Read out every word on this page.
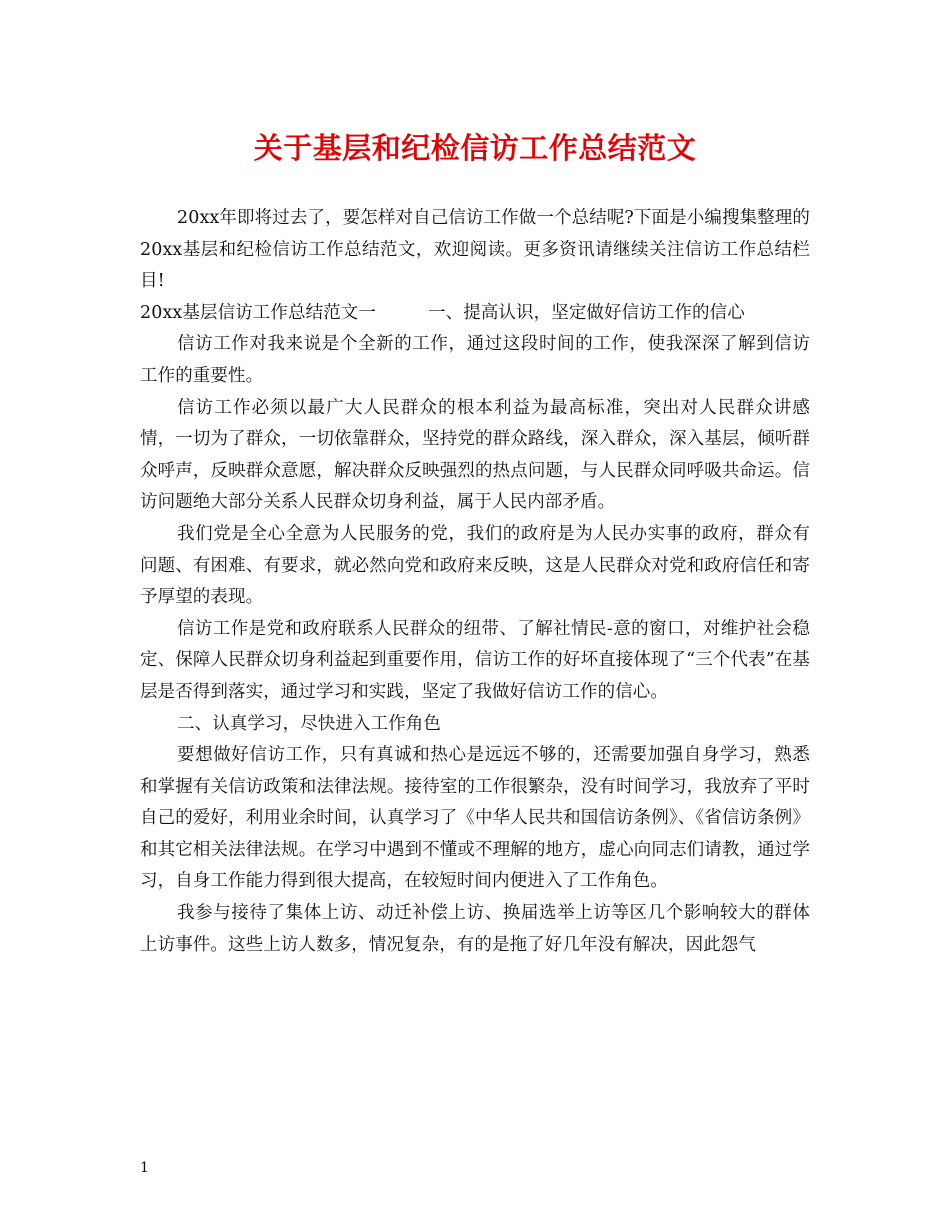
关于基层和纪检信访工作总结范文

20xx年即将过去了，要怎样对自己信访工作做一个总结呢?下面是小编搜集整理的20xx基层和纪检信访工作总结范文，欢迎阅读。更多资讯请继续关注信访工作总结栏目!

20xx基层信访工作总结范文一	一、提高认识，坚定做好信访工作的信心

信访工作对我来说是个全新的工作，通过这段时间的工作，使我深深了解到信访工作的重要性。

信访工作必须以最广大人民群众的根本利益为最高标准，突出对人民群众讲感情，一切为了群众，一切依靠群众，坚持党的群众路线，深入群众，深入基层，倾听群众呼声，反映群众意愿，解决群众反映强烈的热点问题，与人民群众同呼吸共命运。信访问题绝大部分关系人民群众切身利益，属于人民内部矛盾。

我们党是全心全意为人民服务的党，我们的政府是为人民办实事的政府，群众有问题、有困难、有要求，就必然向党和政府来反映，这是人民群众对党和政府信任和寄予厚望的表现。

信访工作是党和政府联系人民群众的纽带、了解社情民-意的窗口，对维护社会稳定、保障人民群众切身利益起到重要作用，信访工作的好坏直接体现了“三个代表”在基层是否得到落实，通过学习和实践，坚定了我做好信访工作的信心。

二、认真学习，尽快进入工作角色

要想做好信访工作，只有真诚和热心是远远不够的，还需要加强自身学习，熟悉和掌握有关信访政策和法律法规。接待室的工作很繁杂，没有时间学习，我放弃了平时自己的爱好，利用业余时间，认真学习了《中华人民共和国信访条例》、《省信访条例》和其它相关法律法规。在学习中遇到不懂或不理解的地方，虚心向同志们请教，通过学习，自身工作能力得到很大提高，在较短时间内便进入了工作角色。

我参与接待了集体上访、动迁补偿上访、换届选举上访等区几个影响较大的群体上访事件。这些上访人数多，情况复杂，有的是拖了好几年没有解决，因此怨气

1
